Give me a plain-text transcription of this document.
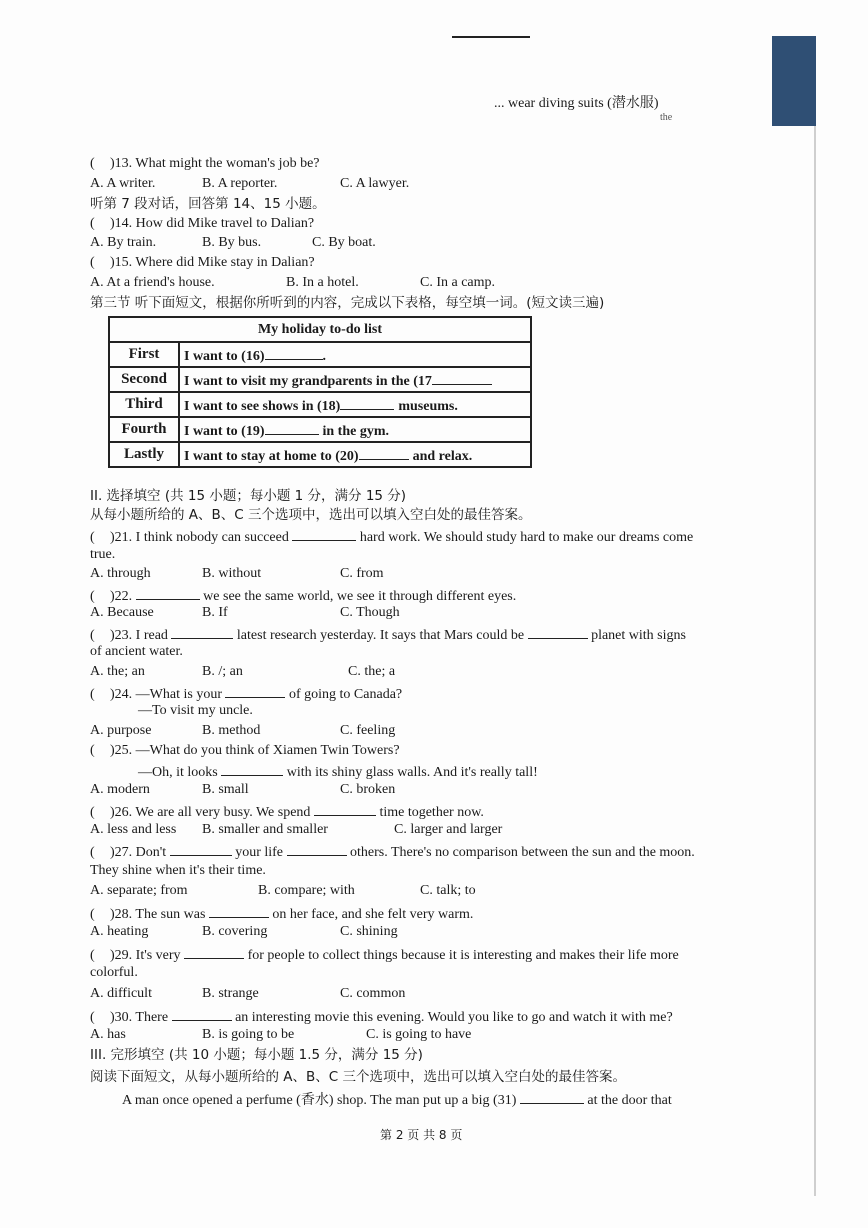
... wear diving suits (潜水服)
the
( )13. What might the woman's job be?
A. A writer.	B. A reporter.	C. A lawyer.
听第 7 段对话，回答第 14、15 小题。
( )14. How did Mike travel to Dalian?
A. By train.	B. By bus.	C. By boat.
( )15. Where did Mike stay in Dalian?
A. At a friend's house.	B. In a hotel.	C. In a camp.
第三节 听下面短文，根据你所听到的内容，完成以下表格，每空填一词。(短文读三遍)
My holiday to-do list	
First	I want to (16) .
Second	I want to visit my grandparents in the (17
Third	I want to see shows in (18) museums.
Fourth	I want to (19) in the gym.
Lastly	I want to stay at home to (20) and relax.
II. 选择填空 (共 15 小题；每小题 1 分，满分 15 分)
从每小题所给的 A、B、C 三个选项中，选出可以填入空白处的最佳答案。
( )21. I think nobody can succeed	hard work. We should study hard to make our dreams come
true.
A. through	B. without	C. from
( )22.	we see the same world, we see it through different eyes.
A. Because	B. If	C. Though
( )23. I read	latest research yesterday. It says that Mars could be	planet with signs
of ancient water.
A. the; an	B. /; an	C. the; a
( )24. —What is your	of going to Canada?
—To visit my uncle.
A. purpose	B. method	C. feeling
( )25. —What do you think of Xiamen Twin Towers?
—Oh, it looks	with its shiny glass walls. And it's really tall!
A. modern	B. small	C. broken
( )26. We are all very busy. We spend	time together now.
A. less and less B. smaller and smaller	C. larger and larger
( )27. Don't	your life	others. There's no comparison between the sun and the moon.
They shine when it's their time.
A. separate; from	B. compare; with	C. talk; to
( )28. The sun was	on her face, and she felt very warm.
A. heating	B. covering	C. shining
( )29. It's very	for people to collect things because it is interesting and makes their life more
colorful.
A. difficult	B. strange	C. common
( )30. There	an interesting movie this evening. Would you like to go and watch it with me?
A. has	B. is going to be	C. is going to have
III. 完形填空 (共 10 小题；每小题 1.5 分，满分 15 分)
阅读下面短文，从每小题所给的 A、B、C 三个选项中，选出可以填入空白处的最佳答案。
A man once opened a perfume (香水) shop. The man put up a big (31)	at the door that
第 2 页 共 8 页
